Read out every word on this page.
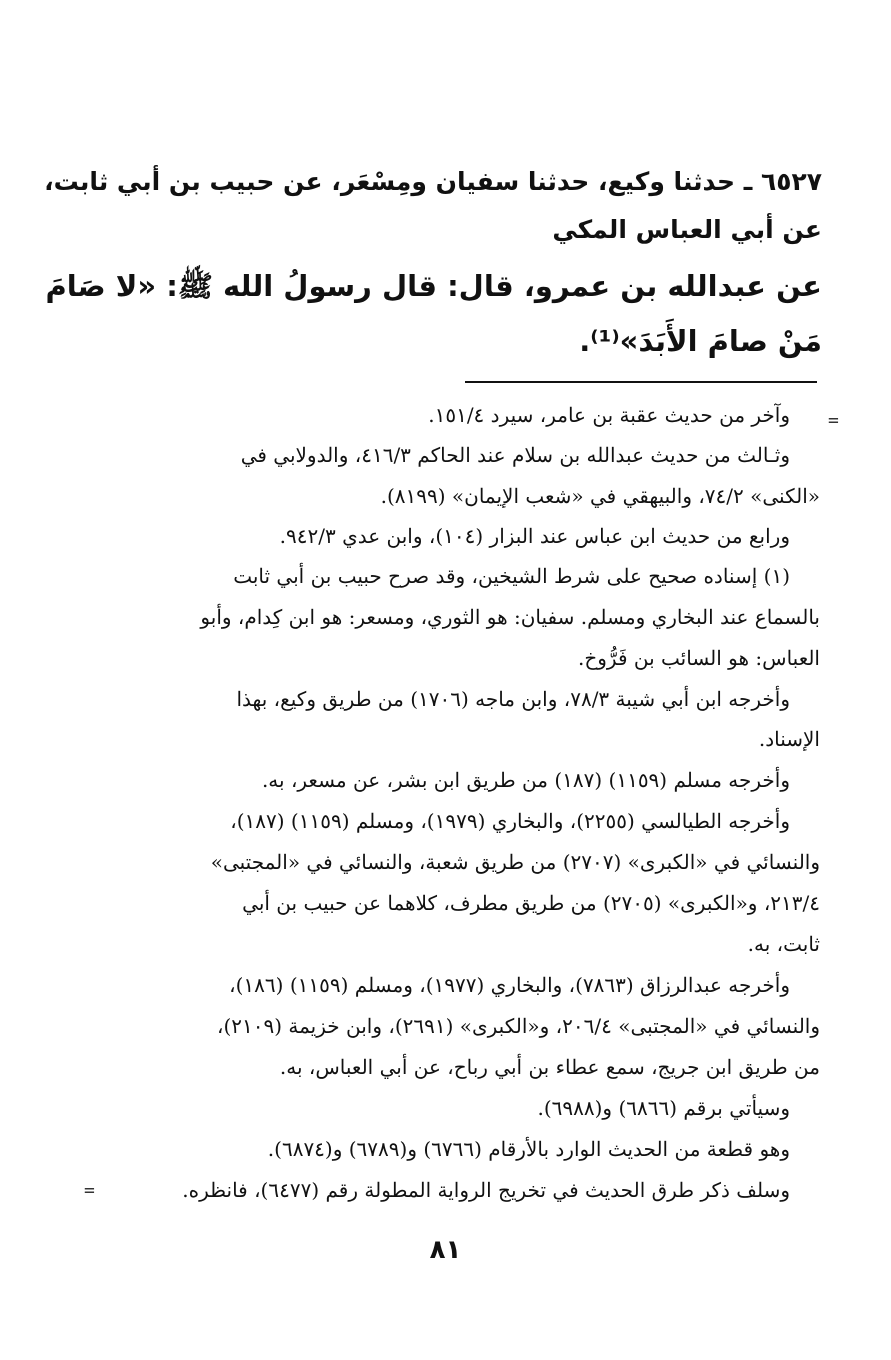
٦٥٢٧ ـ حدثنا وكيع، حدثنا سفيان ومِسْعَر، عن حبيب بن أبي ثابت،
عن أبي العباس المكي
عن عبدالله بن عمرو، قال: قال رسولُ الله ﷺ: «لا صَامَ
مَنْ صامَ الأَبَدَ»⁽¹⁾.
=
وآخر من حديث عقبة بن عامر، سيرد ١٥١/٤.
وثـالث من حديث عبدالله بن سلام عند الحاكم ٤١٦/٣، والدولابي في
«الكنى» ٧٤/٢، والبيهقي في «شعب الإيمان» (٨١٩٩).
ورابع من حديث ابن عباس عند البزار (١٠٤)، وابن عدي ٩٤٢/٣.
(١) إسناده صحيح على شرط الشيخين، وقد صرح حبيب بن أبي ثابت
بالسماع عند البخاري ومسلم. سفيان: هو الثوري، ومسعر: هو ابن كِدام، وأبو
العباس: هو السائب بن فَرُّوخ.
وأخرجه ابن أبي شيبة ٧٨/٣، وابن ماجه (١٧٠٦) من طريق وكيع، بهذا
الإسناد.
وأخرجه مسلم (١١٥٩) (١٨٧) من طريق ابن بشر، عن مسعر، به.
وأخرجه الطيالسي (٢٢٥٥)، والبخاري (١٩٧٩)، ومسلم (١١٥٩) (١٨٧)،
والنسائي في «الكبرى» (٢٧٠٧) من طريق شعبة، والنسائي في «المجتبى»
٢١٣/٤، و«الكبرى» (٢٧٠٥) من طريق مطرف، كلاهما عن حبيب بن أبي
ثابت، به.
وأخرجه عبدالرزاق (٧٨٦٣)، والبخاري (١٩٧٧)، ومسلم (١١٥٩) (١٨٦)،
والنسائي في «المجتبى» ٢٠٦/٤، و«الكبرى» (٢٦٩١)، وابن خزيمة (٢١٠٩)،
من طريق ابن جريج، سمع عطاء بن أبي رباح، عن أبي العباس، به.
وسيأتي برقم (٦٨٦٦) و(٦٩٨٨).
وهو قطعة من الحديث الوارد بالأرقام (٦٧٦٦) و(٦٧٨٩) و(٦٨٧٤).
وسلف ذكر طرق الحديث في تخريج الرواية المطولة رقم (٦٤٧٧)، فانظره.
=
٨١
